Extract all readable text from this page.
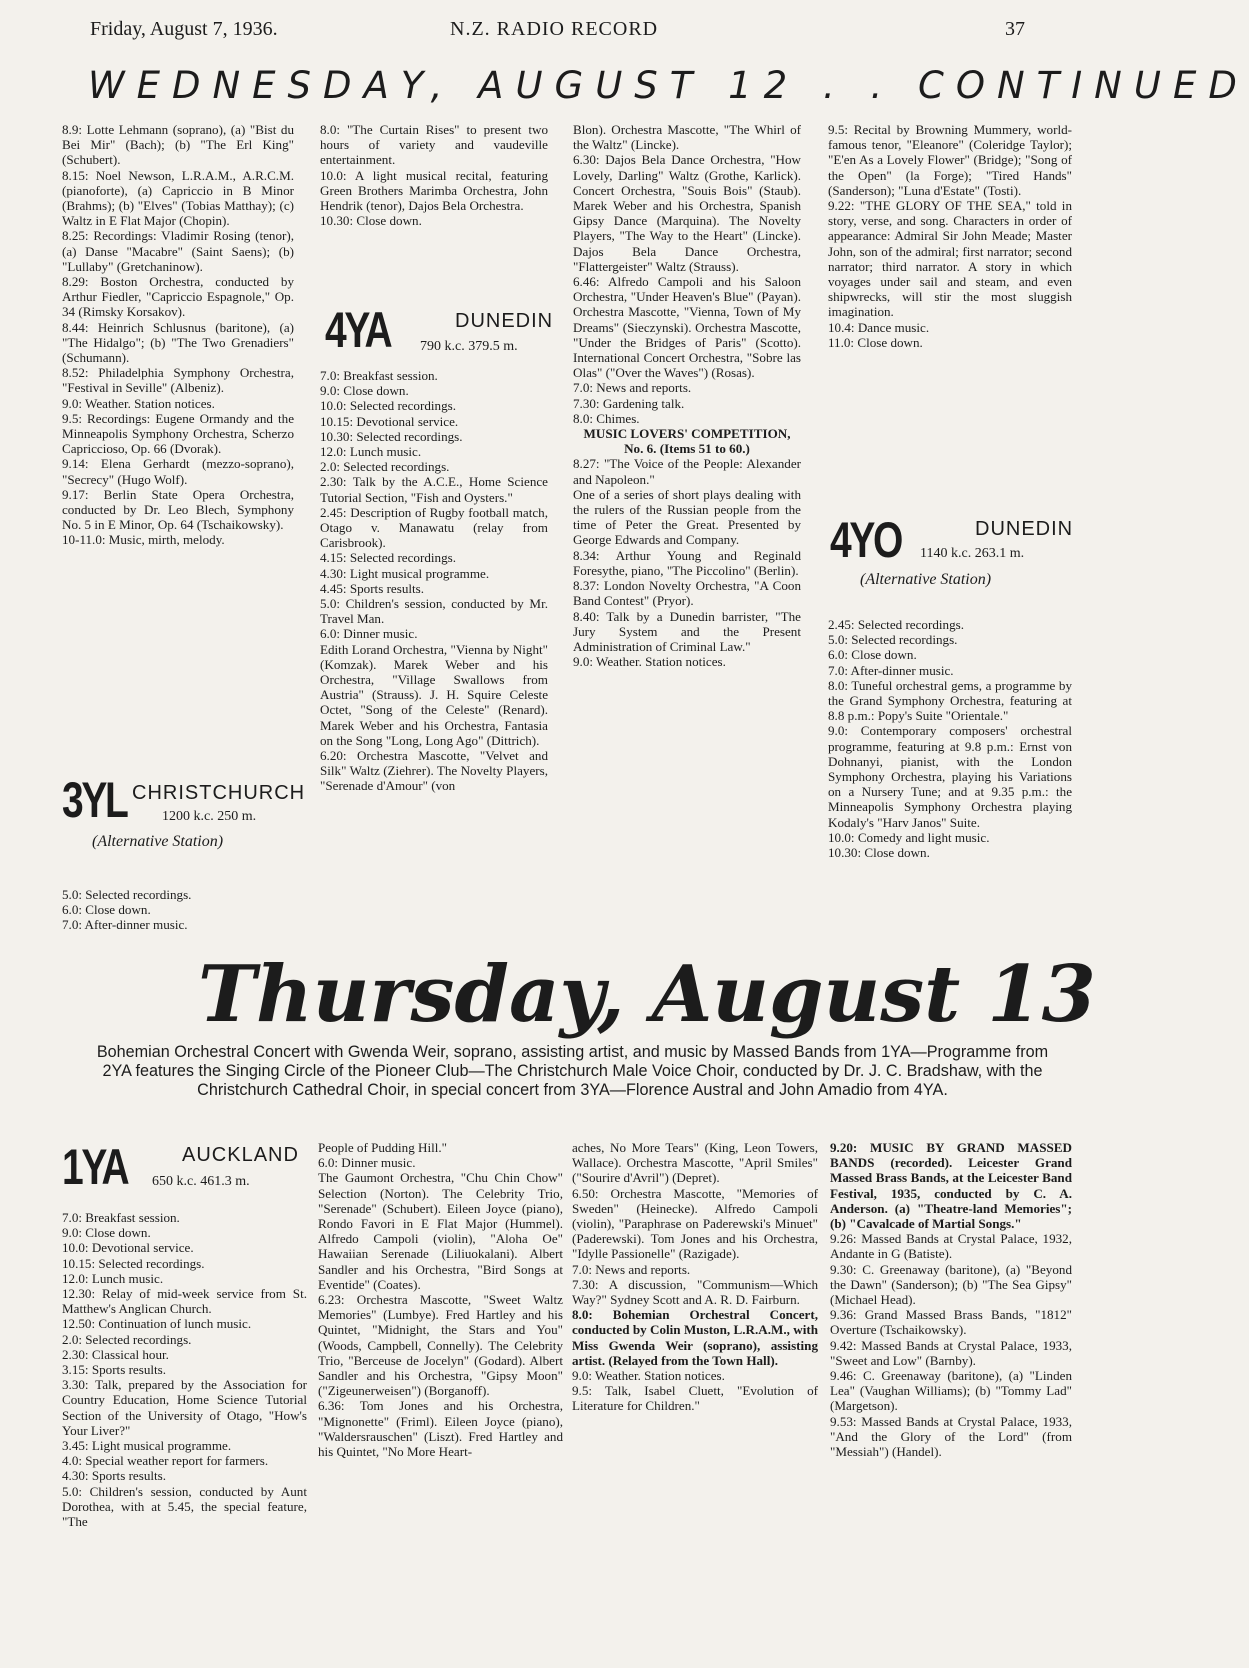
Friday, August 7, 1936.	N.Z. RADIO RECORD	37
WEDNESDAY, AUGUST 12 . . CONTINUED

8.9: Lotte Lehmann (soprano), (a) "Bist du Bei Mir" (Bach); (b) "The Erl King" (Schubert).

8.15: Noel Newson, L.R.A.M., A.R.C.M. (pianoforte), (a) Capriccio in B Minor (Brahms); (b) "Elves" (Tobias Matthay); (c) Waltz in E Flat Major (Chopin).

8.25: Recordings: Vladimir Rosing (tenor), (a) Danse "Macabre" (Saint Saens); (b) "Lullaby" (Gretchaninow).

8.29: Boston Orchestra, conducted by Arthur Fiedler, "Capriccio Espagnole," Op. 34 (Rimsky Korsakov).

8.44: Heinrich Schlusnus (baritone), (a) "The Hidalgo"; (b) "The Two Grenadiers" (Schumann).

8.52: Philadelphia Symphony Orchestra, "Festival in Seville" (Albeniz).

9.0: Weather. Station notices.

9.5: Recordings: Eugene Ormandy and the Minneapolis Symphony Orchestra, Scherzo Capriccioso, Op. 66 (Dvorak).

9.14: Elena Gerhardt (mezzo-soprano), "Secrecy" (Hugo Wolf).

9.17: Berlin State Opera Orchestra, conducted by Dr. Leo Blech, Symphony No. 5 in E Minor, Op. 64 (Tschaikowsky).

10-11.0: Music, mirth, melody.

3YL CHRISTCHURCH
1200 k.c. 250 m.
(Alternative Station)

5.0: Selected recordings.

6.0: Close down.

7.0: After-dinner music.

8.0: "The Curtain Rises" to present two hours of variety and vaudeville entertainment.

10.0: A light musical recital, featuring Green Brothers Marimba Orchestra, John Hendrik (tenor), Dajos Bela Orchestra.

10.30: Close down.

4YA	DUNEDIN
790 k.c. 379.5 m.

7.0: Breakfast session.

9.0: Close down.

10.0: Selected recordings.

10.15: Devotional service.

10.30: Selected recordings.

12.0: Lunch music.

2.0: Selected recordings.

2.30: Talk by the A.C.E., Home Science Tutorial Section, "Fish and Oysters."

2.45: Description of Rugby football match, Otago v. Manawatu (relay from Carisbrook).

4.15: Selected recordings.

4.30: Light musical programme.

4.45: Sports results.

5.0: Children's session, conducted by Mr. Travel Man.

6.0: Dinner music.

Edith Lorand Orchestra, "Vienna by Night" (Komzak). Marek Weber and his Orchestra, "Village Swallows from Austria" (Strauss). J. H. Squire Celeste Octet, "Song of the Celeste" (Renard). Marek Weber and his Orchestra, Fantasia on the Song "Long, Long Ago" (Dittrich).

6.20: Orchestra Mascotte, "Velvet and Silk" Waltz (Ziehrer). The Novelty Players, "Serenade d'Amour" (von

Blon). Orchestra Mascotte, "The Whirl of the Waltz" (Lincke).

6.30: Dajos Bela Dance Orchestra, "How Lovely, Darling" Waltz (Grothe, Karlick). Concert Orchestra, "Souis Bois" (Staub). Marek Weber and his Orchestra, Spanish Gipsy Dance (Marquina). The Novelty Players, "The Way to the Heart" (Lincke). Dajos Bela Dance Orchestra, "Flattergeister" Waltz (Strauss).

6.46: Alfredo Campoli and his Saloon Orchestra, "Under Heaven's Blue" (Payan). Orchestra Mascotte, "Vienna, Town of My Dreams" (Sieczynski). Orchestra Mascotte, "Under the Bridges of Paris" (Scotto). International Concert Orchestra, "Sobre las Olas" ("Over the Waves") (Rosas).

7.0: News and reports.

7.30: Gardening talk.

8.0: Chimes.

MUSIC LOVERS' COMPETITION, No. 6. (Items 51 to 60.)

8.27: "The Voice of the People: Alexander and Napoleon."

One of a series of short plays dealing with the rulers of the Russian people from the time of Peter the Great. Presented by George Edwards and Company.

8.34: Arthur Young and Reginald Foresythe, piano, "The Piccolino" (Berlin).

8.37: London Novelty Orchestra, "A Coon Band Contest" (Pryor).

8.40: Talk by a Dunedin barrister, "The Jury System and the Present Administration of Criminal Law."

9.0: Weather. Station notices.

9.5: Recital by Browning Mummery, world-famous tenor, "Eleanore" (Coleridge Taylor); "E'en As a Lovely Flower" (Bridge); "Song of the Open" (la Forge); "Tired Hands" (Sanderson); "Luna d'Estate" (Tosti).

9.22: "THE GLORY OF THE SEA," told in story, verse, and song. Characters in order of appearance: Admiral Sir John Meade; Master John, son of the admiral; first narrator; second narrator; third narrator. A story in which voyages under sail and steam, and even shipwrecks, will stir the most sluggish imagination.

10.4: Dance music.

11.0: Close down.

4YO	DUNEDIN
1140 k.c. 263.1 m.
(Alternative Station)

2.45: Selected recordings.

5.0: Selected recordings.

6.0: Close down.

7.0: After-dinner music.

8.0: Tuneful orchestral gems, a programme by the Grand Symphony Orchestra, featuring at 8.8 p.m.: Popy's Suite "Orientale."

9.0: Contemporary composers' orchestral programme, featuring at 9.8 p.m.: Ernst von Dohnanyi, pianist, with the London Symphony Orchestra, playing his Variations on a Nursery Tune; and at 9.35 p.m.: the Minneapolis Symphony Orchestra playing Kodaly's "Harv Janos" Suite.

10.0: Comedy and light music.

10.30: Close down.

Thursday, August 13
Bohemian Orchestral Concert with Gwenda Weir, soprano, assisting artist, and music by Massed Bands from 1YA—Programme from 2YA features the Singing Circle of the Pioneer Club—The Christchurch Male Voice Choir, conducted by Dr. J. C. Bradshaw, with the Christchurch Cathedral Choir, in special concert from 3YA—Florence Austral and John Amadio from 4YA.
1YA	AUCKLAND
650 k.c. 461.3 m.

7.0: Breakfast session.

9.0: Close down.

10.0: Devotional service.

10.15: Selected recordings.

12.0: Lunch music.

12.30: Relay of mid-week service from St. Matthew's Anglican Church.

12.50: Continuation of lunch music.

2.0: Selected recordings.

2.30: Classical hour.

3.15: Sports results.

3.30: Talk, prepared by the Association for Country Education, Home Science Tutorial Section of the University of Otago, "How's Your Liver?"

3.45: Light musical programme.

4.0: Special weather report for farmers.

4.30: Sports results.

5.0: Children's session, conducted by Aunt Dorothea, with at 5.45, the special feature, "The

People of Pudding Hill."

6.0: Dinner music.

The Gaumont Orchestra, "Chu Chin Chow" Selection (Norton). The Celebrity Trio, "Serenade" (Schubert). Eileen Joyce (piano), Rondo Favori in E Flat Major (Hummel). Alfredo Campoli (violin), "Aloha Oe" Hawaiian Serenade (Liliuokalani). Albert Sandler and his Orchestra, "Bird Songs at Eventide" (Coates).

6.23: Orchestra Mascotte, "Sweet Waltz Memories" (Lumbye). Fred Hartley and his Quintet, "Midnight, the Stars and You" (Woods, Campbell, Connelly). The Celebrity Trio, "Berceuse de Jocelyn" (Godard). Albert Sandler and his Orchestra, "Gipsy Moon" ("Zigeunerweisen") (Borganoff).

6.36: Tom Jones and his Orchestra, "Mignonette" (Friml). Eileen Joyce (piano), "Waldersrauschen" (Liszt). Fred Hartley and his Quintet, "No More Heart-

aches, No More Tears" (King, Leon Towers, Wallace). Orchestra Mascotte, "April Smiles" ("Sourire d'Avril") (Depret).

6.50: Orchestra Mascotte, "Memories of Sweden" (Heinecke). Alfredo Campoli (violin), "Paraphrase on Paderewski's Minuet" (Paderewski). Tom Jones and his Orchestra, "Idylle Passionelle" (Razigade).

7.0: News and reports.

7.30: A discussion, "Communism—Which Way?" Sydney Scott and A. R. D. Fairburn.

8.0: Bohemian Orchestral Concert, conducted by Colin Muston, L.R.A.M., with Miss Gwenda Weir (soprano), assisting artist. (Relayed from the Town Hall).

9.0: Weather. Station notices.

9.5: Talk, Isabel Cluett, "Evolution of Literature for Children."

9.20: MUSIC BY GRAND MASSED BANDS (recorded). Leicester Grand Massed Brass Bands, at the Leicester Band Festival, 1935, conducted by C. A. Anderson. (a) "Theatre-land Memories"; (b) "Cavalcade of Martial Songs."

9.26: Massed Bands at Crystal Palace, 1932, Andante in G (Batiste).

9.30: C. Greenaway (baritone), (a) "Beyond the Dawn" (Sanderson); (b) "The Sea Gipsy" (Michael Head).

9.36: Grand Massed Brass Bands, "1812" Overture (Tschaikowsky).

9.42: Massed Bands at Crystal Palace, 1933, "Sweet and Low" (Barnby).

9.46: C. Greenaway (baritone), (a) "Linden Lea" (Vaughan Williams); (b) "Tommy Lad" (Margetson).

9.53: Massed Bands at Crystal Palace, 1933, "And the Glory of the Lord" (from "Messiah") (Handel).
